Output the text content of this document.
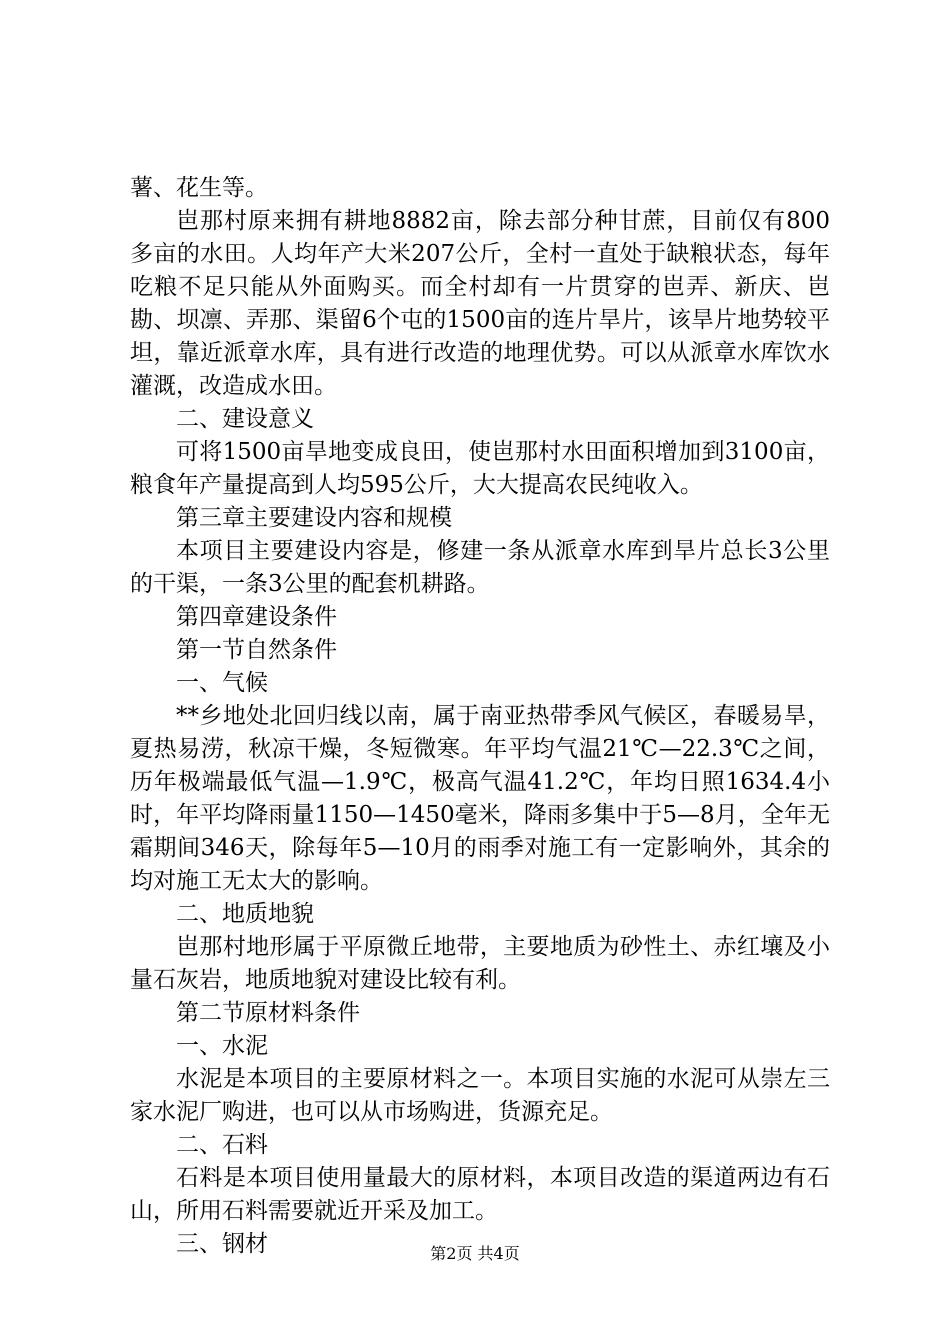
薯、花生等。

岜那村原来拥有耕地8882亩，除去部分种甘蔗，目前仅有800多亩的水田。人均年产大米207公斤，全村一直处于缺粮状态，每年吃粮不足只能从外面购买。而全村却有一片贯穿的岜弄、新庆、岜勘、坝凛、弄那、渠留6个屯的1500亩的连片旱片，该旱片地势较平坦，靠近派章水库，具有进行改造的地理优势。可以从派章水库饮水灌溉，改造成水田。

二、建设意义

可将1500亩旱地变成良田，使岜那村水田面积增加到3100亩，粮食年产量提高到人均595公斤，大大提高农民纯收入。

第三章主要建设内容和规模

本项目主要建设内容是，修建一条从派章水库到旱片总长3公里的干渠，一条3公里的配套机耕路。

第四章建设条件

第一节自然条件

一、气候

**乡地处北回归线以南，属于南亚热带季风气候区，春暖易旱，夏热易涝，秋凉干燥，冬短微寒。年平均气温21℃—22.3℃之间，历年极端最低气温—1.9℃，极高气温41.2℃，年均日照1634.4小时，年平均降雨量1150—1450毫米，降雨多集中于5—8月，全年无霜期间346天，除每年5—10月的雨季对施工有一定影响外，其余的均对施工无太大的影响。

二、地质地貌

岜那村地形属于平原微丘地带，主要地质为砂性土、赤红壤及小量石灰岩，地质地貌对建设比较有利。

第二节原材料条件

一、水泥

水泥是本项目的主要原材料之一。本项目实施的水泥可从崇左三家水泥厂购进，也可以从市场购进，货源充足。

二、石料

石料是本项目使用量最大的原材料，本项目改造的渠道两边有石山，所用石料需要就近开采及加工。

三、钢材	第2页 共4页
